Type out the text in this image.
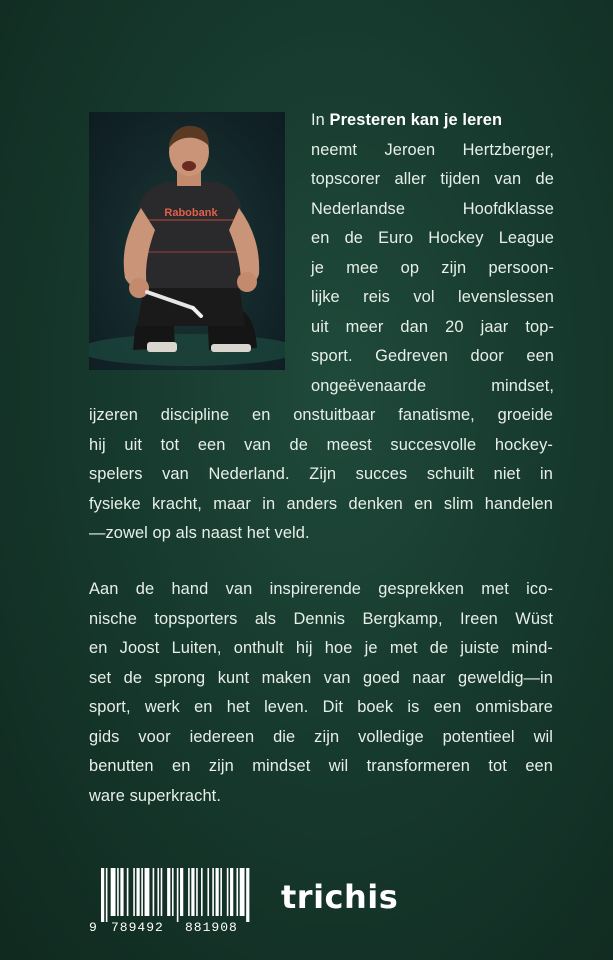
Rabobank
In Presteren kan je leren
neemt Jeroen Hertzberger,
topscorer aller tijden van de
Nederlandse Hoofdklasse
en de Euro Hockey League
je mee op zijn persoon-
lijke reis vol levenslessen
uit meer dan 20 jaar top-
sport. Gedreven door een
ongeëvenaarde mindset,
ijzeren discipline en onstuitbaar fanatisme, groeide
hij uit tot een van de meest succesvolle hockey-
spelers van Nederland. Zijn succes schuilt niet in
fysieke kracht, maar in anders denken en slim handelen
—zowel op als naast het veld.
Aan de hand van inspirerende gesprekken met ico-
nische topsporters als Dennis Bergkamp, Ireen Wüst
en Joost Luiten, onthult hij hoe je met de juiste mind-
set de sprong kunt maken van goed naar geweldig—in
sport, werk en het leven. Dit boek is een onmisbare
gids voor iedereen die zijn volledige potentieel wil
benutten en zijn mindset wil transformeren tot een
ware superkracht.
9 789492 881908
trichis
